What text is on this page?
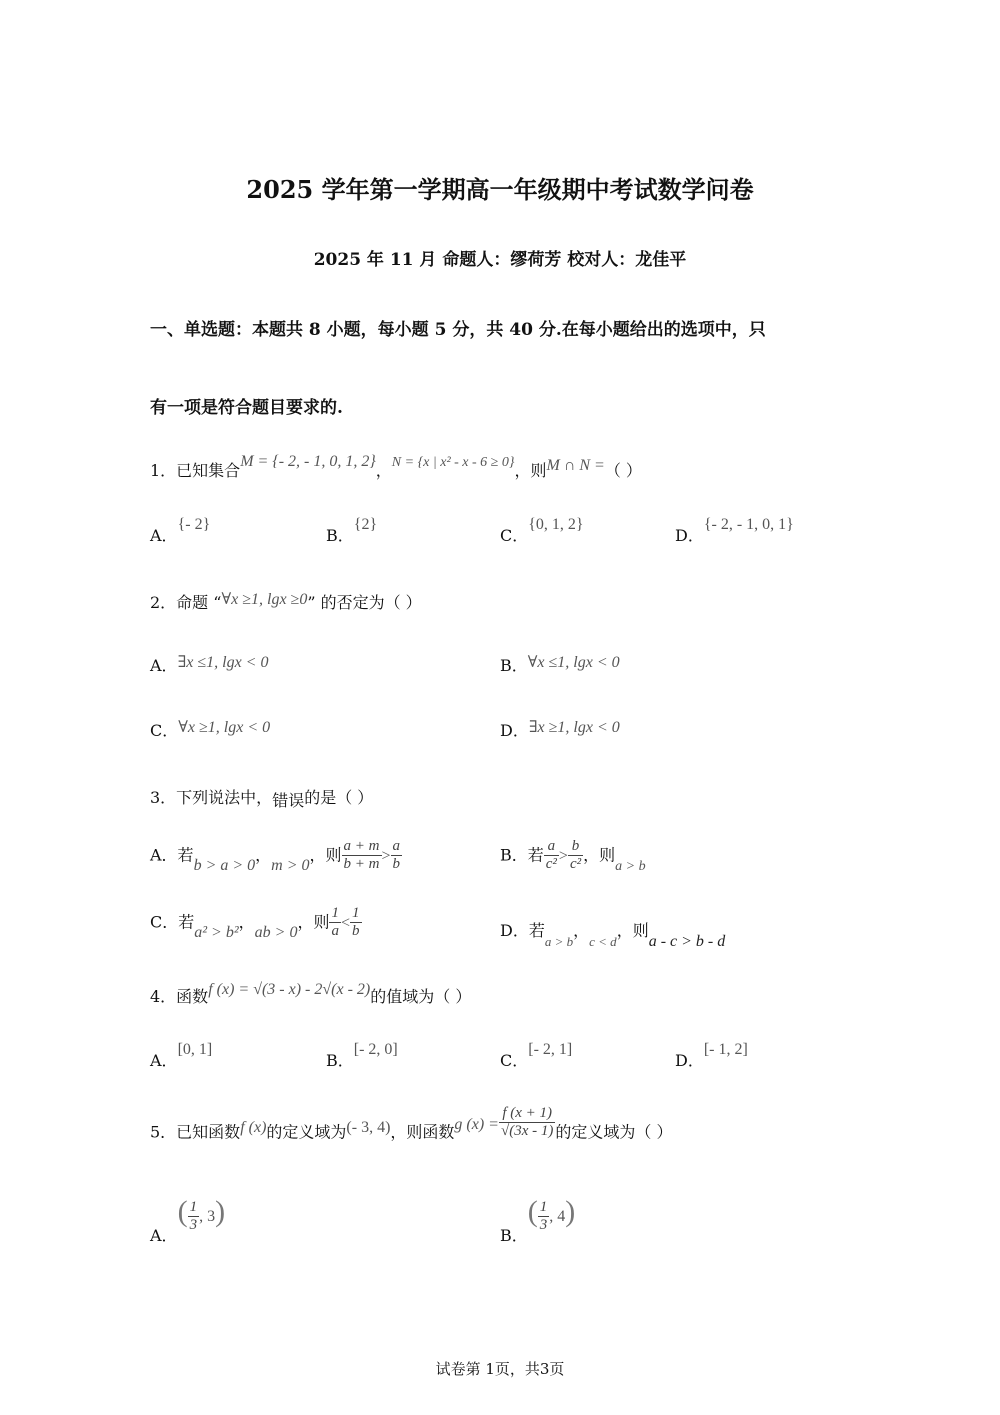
2025 学年第一学期高一年级期中考试数学问卷
2025 年 11 月 命题人：缪荷芳 校对人：龙佳平
一、单选题：本题共 8 小题，每小题 5 分，共 40 分.在每小题给出的选项中，只
有一项是符合题目要求的.
1．已知集合M = {- 2, - 1, 0, 1, 2}，N = {x | x² - x - 6 ≥ 0}，则M ∩ N =（ ）
A．{- 2}
B．{2}
C．{0, 1, 2}
D．{- 2, - 1, 0, 1}
2．命题 “∀x ≥1, lgx ≥0” 的否定为（ ）
A．∃x ≤1, lgx < 0	B．∀x ≤1, lgx < 0
C．∀x ≥1, lgx < 0	D．∃x ≥1, lgx < 0
3．下列说法中，错误的是（ ）
A．若b > a > 0，m > 0，则 $\frac{a + m}{b + m} > \frac{a}{b}$	B．若 $\frac{a}{\text{c²}} > \frac{b}{\text{c²}}$ ，则a > b
C．若a² > b²，ab > 0，则 $\frac{1}{a} < \frac{1}{b}$	D．若$_{a > b}$，$_{c < d}$，则a - c > b - d
4．函数f (x) = √(3 - x) - 2√(x - 2)的值域为（ ）
A．[0, 1]
B．[- 2, 0]
C．[- 2, 1]
D．[- 1, 2]
5．已知函数f (x)的定义域为(- 3, 4)，则函数g $(x) = \frac{f (x + 1)}{√(3x - 1)}$ 的定义域为（ ）
A．( $\frac{1}{3}$ , 3)
B．( $\frac{1}{3}$ , 4)
试卷第 1页，共3页
